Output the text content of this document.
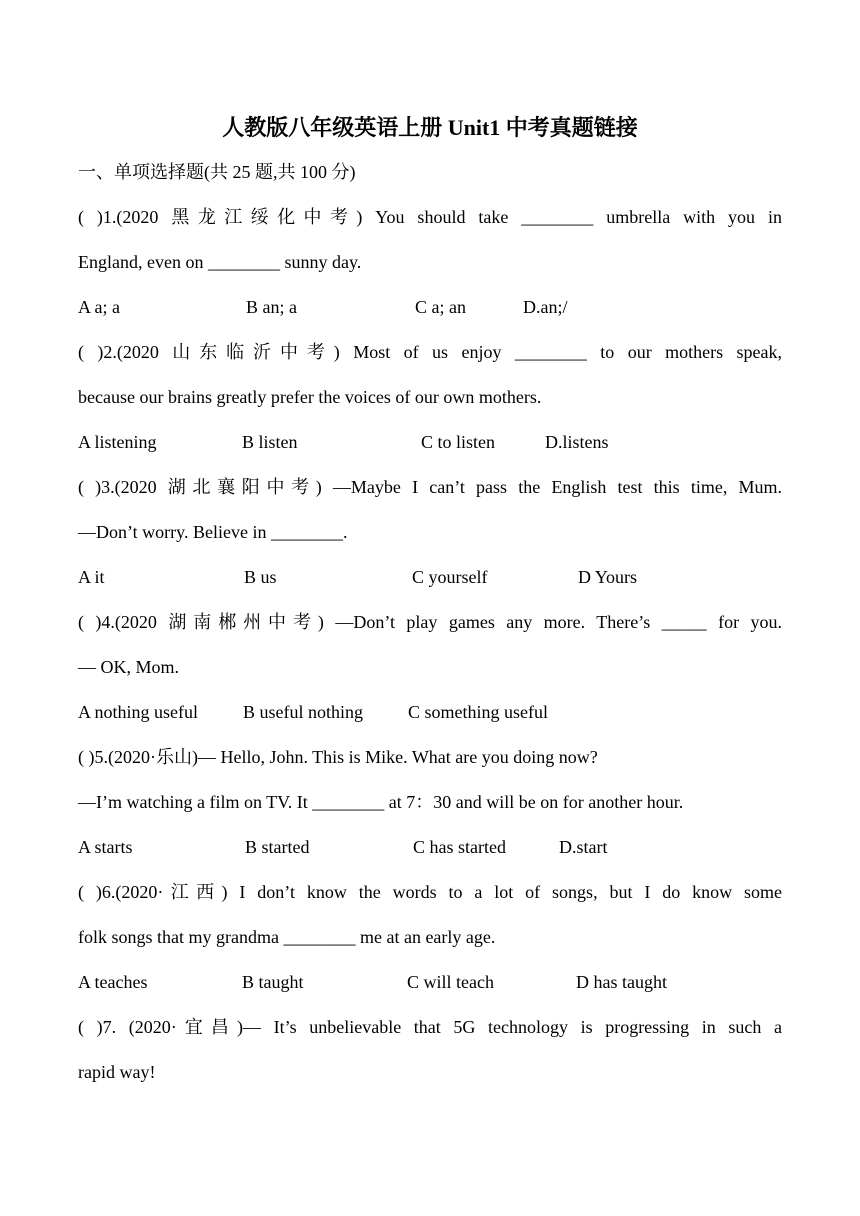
人教版八年级英语上册 Unit1 中考真题链接
一、单项选择题(共 25 题,共 100 分)
( )1.(2020 黑龙江绥化中考) You should take ________ umbrella with you in
England, even on ________ sunny day.
A a; a	B an; a	C a; an	D.an;/
( )2.(2020 山东临沂中考) Most of us enjoy ________ to our mothers speak,
because our brains greatly prefer the voices of our own mothers.
A listening	B listen	C to listen	D.listens
( )3.(2020 湖北襄阳中考) —Maybe I can’t pass the English test this time, Mum.
—Don’t worry. Believe in ________.
A it	B us	C yourself	D Yours
( )4.(2020 湖南郴州中考) —Don’t play games any more. There’s _____ for you.
— OK, Mom.
A nothing useful	B useful nothing	C something useful
( )5.(2020·乐山)— Hello, John. This is Mike. What are you doing now?
—I’m watching a film on TV. It ________ at 7：30 and will be on for another hour.
A starts	B started	C has started	D.start
( )6.(2020·江西) I don’t know the words to a lot of songs, but I do know some
folk songs that my grandma ________ me at an early age.
A teaches	B taught	C will teach	D has taught
( )7. (2020·宜昌)— It’s unbelievable that 5G technology is progressing in such a
rapid way!
